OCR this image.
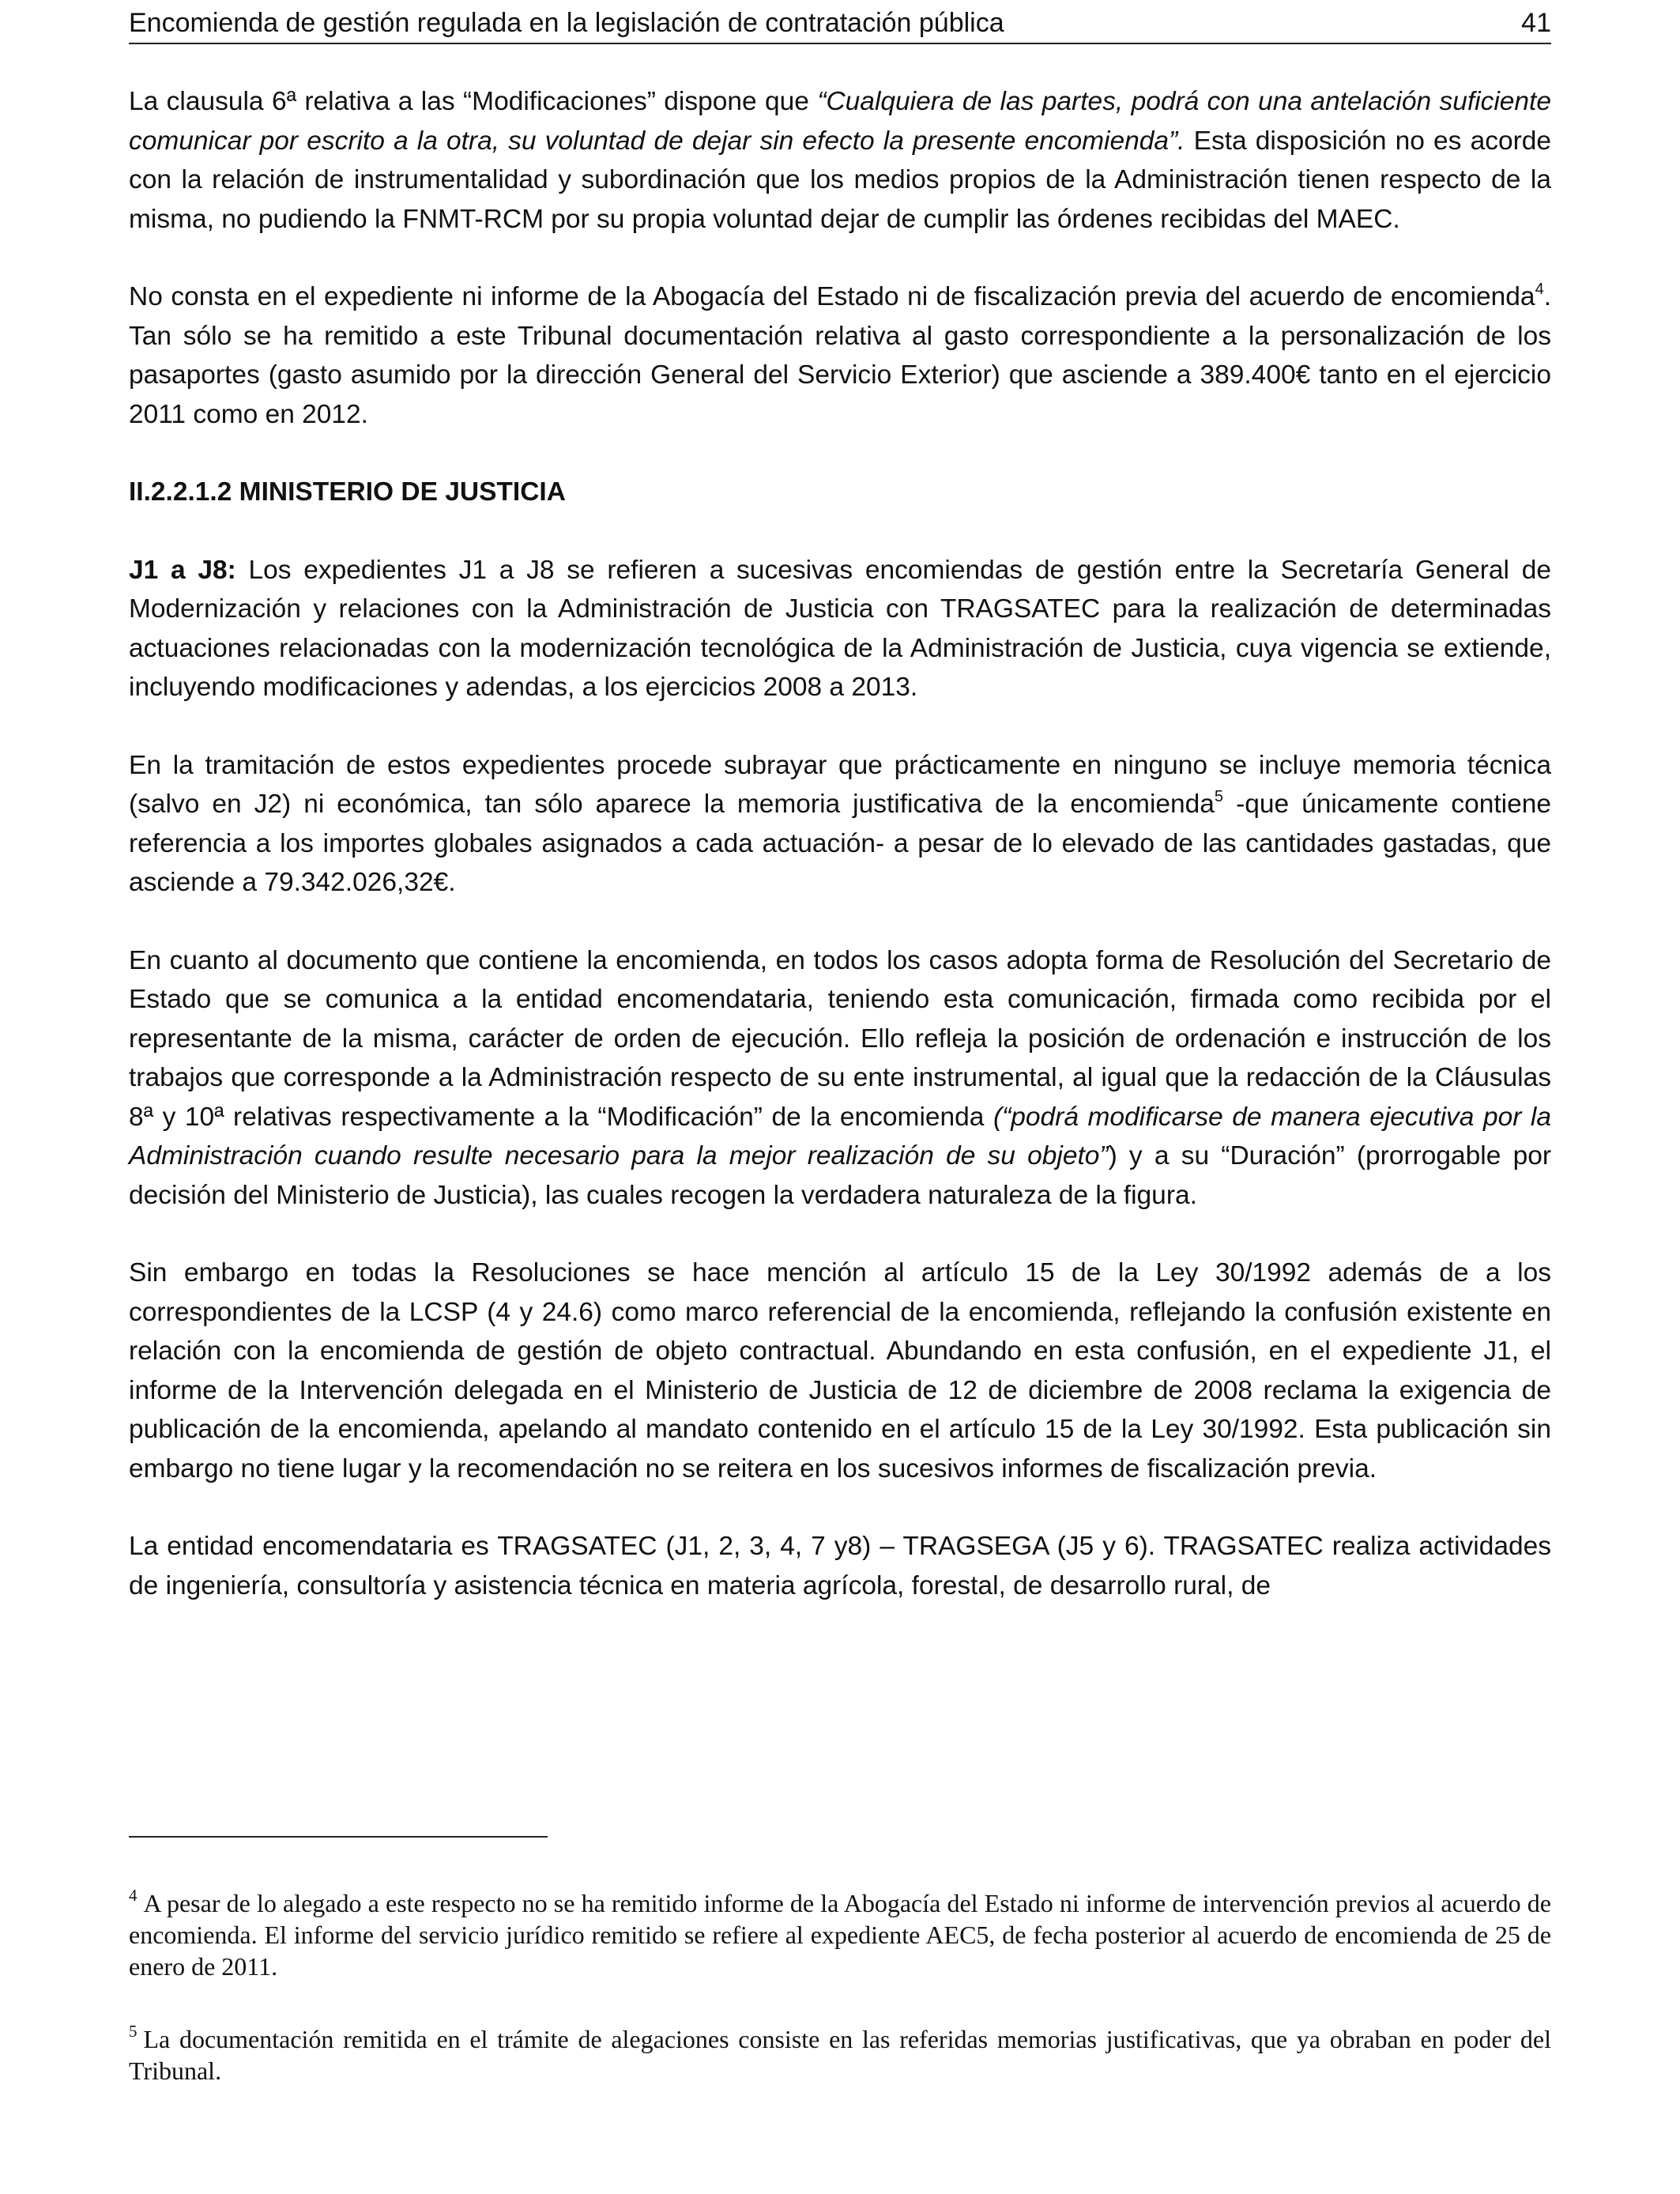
Encomienda de gestión regulada en la legislación de contratación pública	41

La clausula 6ª relativa a las “Modificaciones” dispone que “Cualquiera de las partes, podrá con una antelación suficiente comunicar por escrito a la otra, su voluntad de dejar sin efecto la presente encomienda”. Esta disposición no es acorde con la relación de instrumentalidad y subordinación que los medios propios de la Administración tienen respecto de la misma, no pudiendo la FNMT-RCM por su propia voluntad dejar de cumplir las órdenes recibidas del MAEC.

No consta en el expediente ni informe de la Abogacía del Estado ni de fiscalización previa del acuerdo de encomienda$^4$. Tan sólo se ha remitido a este Tribunal documentación relativa al gasto correspondiente a la personalización de los pasaportes (gasto asumido por la dirección General del Servicio Exterior) que asciende a 389.400€ tanto en el ejercicio 2011 como en 2012.

II.2.2.1.2 MINISTERIO DE JUSTICIA

J1 a J8: Los expedientes J1 a J8 se refieren a sucesivas encomiendas de gestión entre la Secretaría General de Modernización y relaciones con la Administración de Justicia con TRAGSATEC para la realización de determinadas actuaciones relacionadas con la modernización tecnológica de la Administración de Justicia, cuya vigencia se extiende, incluyendo modificaciones y adendas, a los ejercicios 2008 a 2013.

En la tramitación de estos expedientes procede subrayar que prácticamente en ninguno se incluye memoria técnica (salvo en J2) ni económica, tan sólo aparece la memoria justificativa de la encomienda$^5$ -que únicamente contiene referencia a los importes globales asignados a cada actuación- a pesar de lo elevado de las cantidades gastadas, que asciende a 79.342.026,32€.

En cuanto al documento que contiene la encomienda, en todos los casos adopta forma de Resolución del Secretario de Estado que se comunica a la entidad encomendataria, teniendo esta comunicación, firmada como recibida por el representante de la misma, carácter de orden de ejecución. Ello refleja la posición de ordenación e instrucción de los trabajos que corresponde a la Administración respecto de su ente instrumental, al igual que la redacción de la Cláusulas 8ª y 10ª relativas respectivamente a la “Modificación” de la encomienda (“podrá modificarse de manera ejecutiva por la Administración cuando resulte necesario para la mejor realización de su objeto”) y a su “Duración” (prorrogable por decisión del Ministerio de Justicia), las cuales recogen la verdadera naturaleza de la figura.

Sin embargo en todas la Resoluciones se hace mención al artículo 15 de la Ley 30/1992 además de a los correspondientes de la LCSP (4 y 24.6) como marco referencial de la encomienda, reflejando la confusión existente en relación con la encomienda de gestión de objeto contractual. Abundando en esta confusión, en el expediente J1, el informe de la Intervención delegada en el Ministerio de Justicia de 12 de diciembre de 2008 reclama la exigencia de publicación de la encomienda, apelando al mandato contenido en el artículo 15 de la Ley 30/1992. Esta publicación sin embargo no tiene lugar y la recomendación no se reitera en los sucesivos informes de fiscalización previa.

La entidad encomendataria es TRAGSATEC (J1, 2, 3, 4, 7 y8) – TRAGSEGA (J5 y 6). TRAGSATEC realiza actividades de ingeniería, consultoría y asistencia técnica en materia agrícola, forestal, de desarrollo rural, de

$^4$ A pesar de lo alegado a este respecto no se ha remitido informe de la Abogacía del Estado ni informe de intervención previos al acuerdo de encomienda. El informe del servicio jurídico remitido se refiere al expediente AEC5, de fecha posterior al acuerdo de encomienda de 25 de enero de 2011.

$^5$ La documentación remitida en el trámite de alegaciones consiste en las referidas memorias justificativas, que ya obraban en poder del Tribunal.
